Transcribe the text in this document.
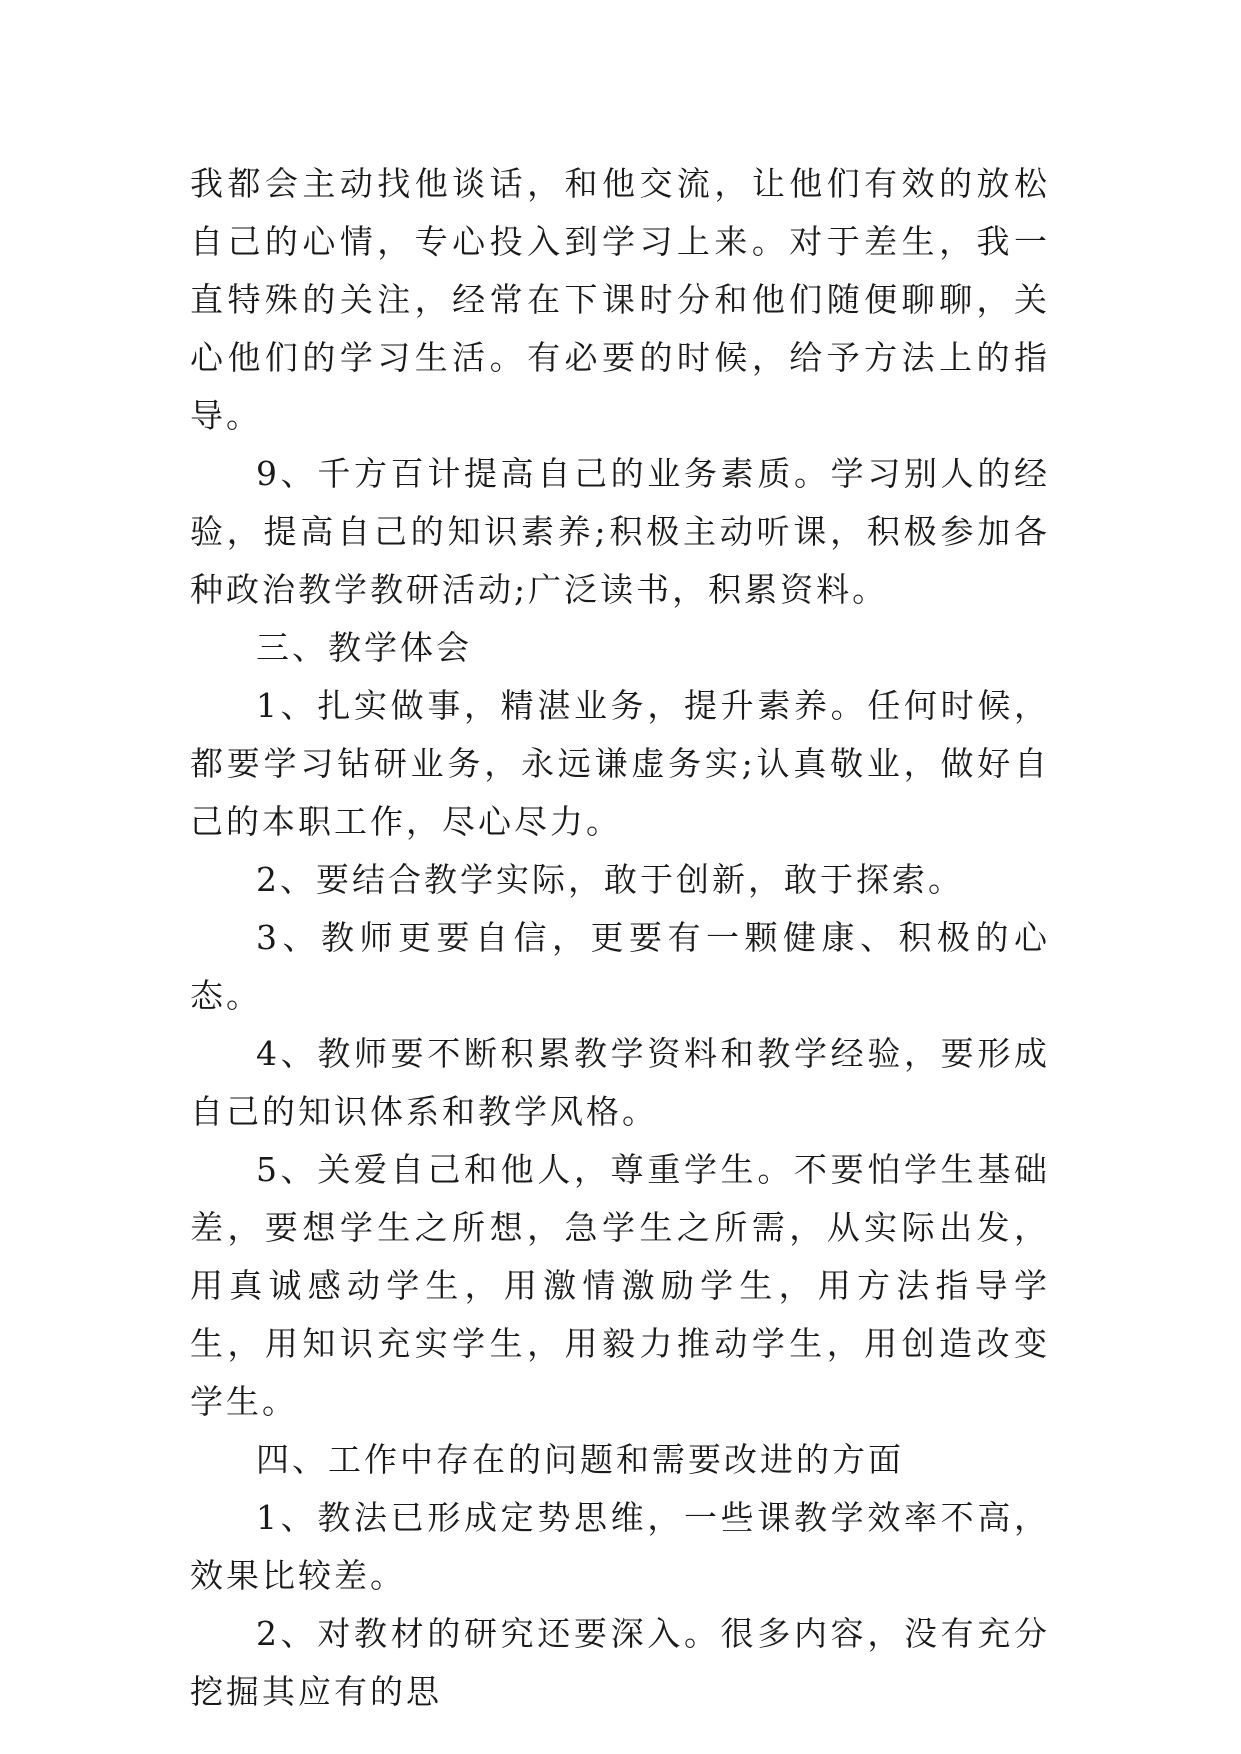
我都会主动找他谈话，和他交流，让他们有效的放松自己的心情，专心投入到学习上来。对于差生，我一直特殊的关注，经常在下课时分和他们随便聊聊，关心他们的学习生活。有必要的时候，给予方法上的指导。

9、千方百计提高自己的业务素质。学习别人的经验，提高自己的知识素养;积极主动听课，积极参加各种政治教学教研活动;广泛读书，积累资料。

三、教学体会

1、扎实做事，精湛业务，提升素养。任何时候，都要学习钻研业务，永远谦虚务实;认真敬业，做好自己的本职工作，尽心尽力。

2、要结合教学实际，敢于创新，敢于探索。

3、教师更要自信，更要有一颗健康、积极的心态。

4、教师要不断积累教学资料和教学经验，要形成自己的知识体系和教学风格。

5、关爱自己和他人，尊重学生。不要怕学生基础差，要想学生之所想，急学生之所需，从实际出发，用真诚感动学生，用激情激励学生，用方法指导学生，用知识充实学生，用毅力推动学生，用创造改变学生。

四、工作中存在的问题和需要改进的方面

1、教法已形成定势思维，一些课教学效率不高，效果比较差。

2、对教材的研究还要深入。很多内容，没有充分挖掘其应有的思
